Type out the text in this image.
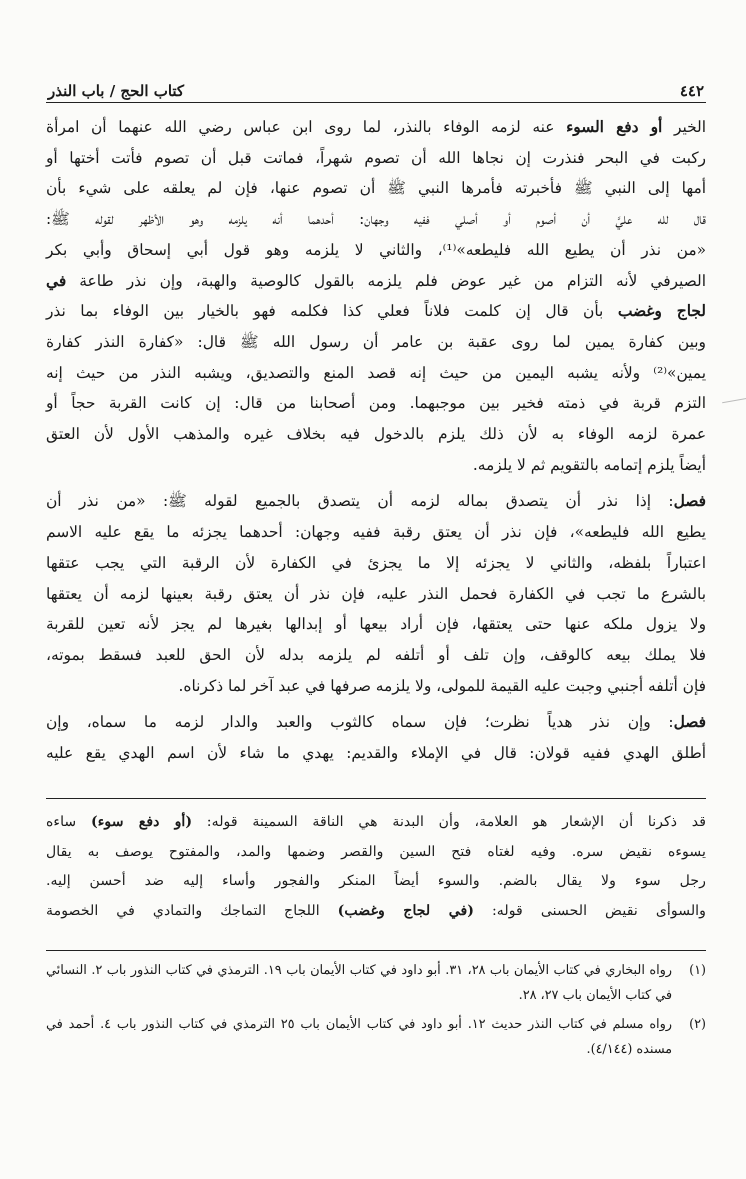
٤٤٢
كتاب الحج / باب النذر

الخير أو دفع السوء عنه لزمه الوفاء بالنذر، لما روى ابن عباس رضي الله عنهما أن امرأة
ركبت في البحر فنذرت إن نجاها الله أن تصوم شهراً، فماتت قبل أن تصوم فأتت أختها أو
أمها إلى النبي ﷺ فأخبرته فأمرها النبي ﷺ أن تصوم عنها، فإن لم يعلقه على شيء بأن
قال لله عليَّ أن أصوم أو أصلي ففيه وجهان: أحدهما أنه يلزمه وهو الأظهر لقوله ﷺ:
«من نذر أن يطيع الله فليطعه»⁽¹⁾، والثاني لا يلزمه وهو قول أبي إسحاق وأبي بكر
الصيرفي لأنه التزام من غير عوض فلم يلزمه بالقول كالوصية والهبة، وإن نذر طاعة في
لجاج وغضب بأن قال إن كلمت فلاناً فعلي كذا فكلمه فهو بالخيار بين الوفاء بما نذر
وبين كفارة يمين لما روى عقبة بن عامر أن رسول الله ﷺ قال: «كفارة النذر كفارة
يمين»⁽²⁾ ولأنه يشبه اليمين من حيث إنه قصد المنع والتصديق، ويشبه النذر من حيث إنه
التزم قربة في ذمته فخير بين موجبهما. ومن أصحابنا من قال: إن كانت القربة حجاً أو
عمرة لزمه الوفاء به لأن ذلك يلزم بالدخول فيه بخلاف غيره والمذهب الأول لأن العتق

أيضاً يلزم إتمامه بالتقويم ثم لا يلزمه.

فصل: إذا نذر أن يتصدق بماله لزمه أن يتصدق بالجميع لقوله ﷺ: «من نذر أن
يطيع الله فليطعه»، فإن نذر أن يعتق رقبة ففيه وجهان: أحدهما يجزئه ما يقع عليه الاسم
اعتباراً بلفظه، والثاني لا يجزئه إلا ما يجزئ في الكفارة لأن الرقبة التي يجب عتقها
بالشرع ما تجب في الكفارة فحمل النذر عليه، فإن نذر أن يعتق رقبة بعينها لزمه أن يعتقها
ولا يزول ملكه عنها حتى يعتقها، فإن أراد بيعها أو إبدالها بغيرها لم يجز لأنه تعين للقربة
فلا يملك بيعه كالوقف، وإن تلف أو أتلفه لم يلزمه بدله لأن الحق للعبد فسقط بموته،

فإن أتلفه أجنبي وجبت عليه القيمة للمولى، ولا يلزمه صرفها في عبد آخر لما ذكرناه.

فصل: وإن نذر هدياً نظرت؛ فإن سماه كالثوب والعبد والدار لزمه ما سماه، وإن
أطلق الهدي ففيه قولان: قال في الإملاء والقديم: يهدي ما شاء لأن اسم الهدي يقع عليه

قد ذكرنا أن الإشعار هو العلامة، وأن البدنة هي الناقة السمينة قوله: (أو دفع سوء) ساءه
يسوءه نقيض سره. وفيه لغتاه فتح السين والقصر وضمها والمد، والمفتوح يوصف به يقال
رجل سوء ولا يقال بالضم. والسوء أيضاً المنكر والفجور وأساء إليه ضد أحسن إليه.
والسوأى نقيض الحسنى قوله: (في لجاج وغضب) اللجاج التماجك والتمادي في الخصومة

(١)
رواه البخاري في كتاب الأيمان باب ٢٨، ٣١. أبو داود في كتاب الأيمان باب ١٩. الترمذي في كتاب النذور باب ٢. النسائي في كتاب الأيمان باب ٢٧، ٢٨.
(٢)
رواه مسلم في كتاب النذر حديث ١٢. أبو داود في كتاب الأيمان باب ٢٥ الترمذي في كتاب النذور باب ٤. أحمد في مسنده (٤/١٤٤).
